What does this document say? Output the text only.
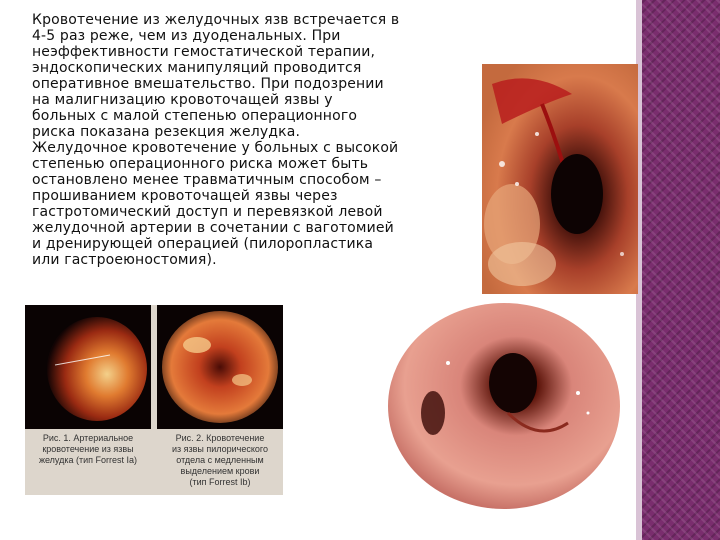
Кровотечение из желудочных язв встречается в
4-5 раз реже, чем из дуоденальных. При
неэффективности гемостатической терапии,
эндоскопических манипуляций проводится
оперативное вмешательство. При подозрении
на малигнизацию кровоточащей язвы у
больных с малой степенью операционного
риска показана резекция желудка.
Желудочное кровотечение у больных с высокой
степенью операционного риска может быть
остановлено менее травматичным способом –
прошиванием кровоточащей язвы через
гастротомический доступ и перевязкой левой
желудочной артерии в сочетании с ваготомией
и дренирующей операцией (пилоропластика
или гастроеюностомия).
Рис. 1. Артериальное
кровотечение из язвы
желудка (тип Forrest Ia)
Рис. 2. Кровотечение
из язвы пилорического
отдела с медленным
выделением крови
(тип Forrest Ib)
